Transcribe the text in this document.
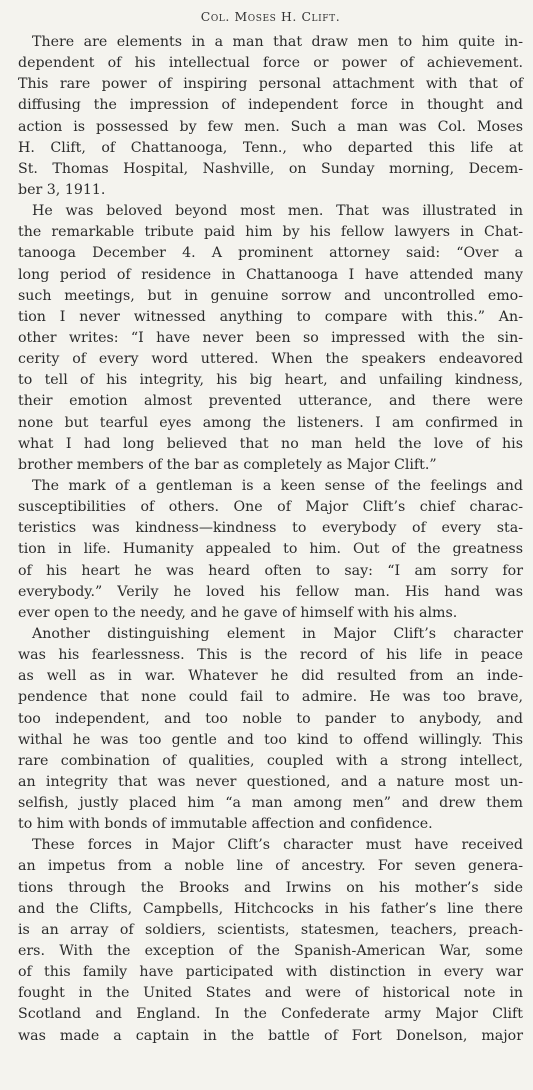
Col. Moses H. Clift.
There are elements in a man that draw men to him quite in-
dependent of his intellectual force or power of achievement.
This rare power of inspiring personal attachment with that of
diffusing the impression of independent force in thought and
action is possessed by few men. Such a man was Col. Moses
H. Clift, of Chattanooga, Tenn., who departed this life at
St. Thomas Hospital, Nashville, on Sunday morning, Decem-
ber 3, 1911.
He was beloved beyond most men. That was illustrated in
the remarkable tribute paid him by his fellow lawyers in Chat-
tanooga December 4. A prominent attorney said: “Over a
long period of residence in Chattanooga I have attended many
such meetings, but in genuine sorrow and uncontrolled emo-
tion I never witnessed anything to compare with this.” An-
other writes: “I have never been so impressed with the sin-
cerity of every word uttered. When the speakers endeavored
to tell of his integrity, his big heart, and unfailing kindness,
their emotion almost prevented utterance, and there were
none but tearful eyes among the listeners. I am confirmed in
what I had long believed that no man held the love of his
brother members of the bar as completely as Major Clift.”
The mark of a gentleman is a keen sense of the feelings and
susceptibilities of others. One of Major Clift’s chief charac-
teristics was kindness—kindness to everybody of every sta-
tion in life. Humanity appealed to him. Out of the greatness
of his heart he was heard often to say: “I am sorry for
everybody.” Verily he loved his fellow man. His hand was
ever open to the needy, and he gave of himself with his alms.
Another distinguishing element in Major Clift’s character
was his fearlessness. This is the record of his life in peace
as well as in war. Whatever he did resulted from an inde-
pendence that none could fail to admire. He was too brave,
too independent, and too noble to pander to anybody, and
withal he was too gentle and too kind to offend willingly. This
rare combination of qualities, coupled with a strong intellect,
an integrity that was never questioned, and a nature most un-
selfish, justly placed him “a man among men” and drew them
to him with bonds of immutable affection and confidence.
These forces in Major Clift’s character must have received
an impetus from a noble line of ancestry. For seven genera-
tions through the Brooks and Irwins on his mother’s side
and the Clifts, Campbells, Hitchcocks in his father’s line there
is an array of soldiers, scientists, statesmen, teachers, preach-
ers. With the exception of the Spanish-American War, some
of this family have participated with distinction in every war
fought in the United States and were of historical note in
Scotland and England. In the Confederate army Major Clift
was made a captain in the battle of Fort Donelson, major
